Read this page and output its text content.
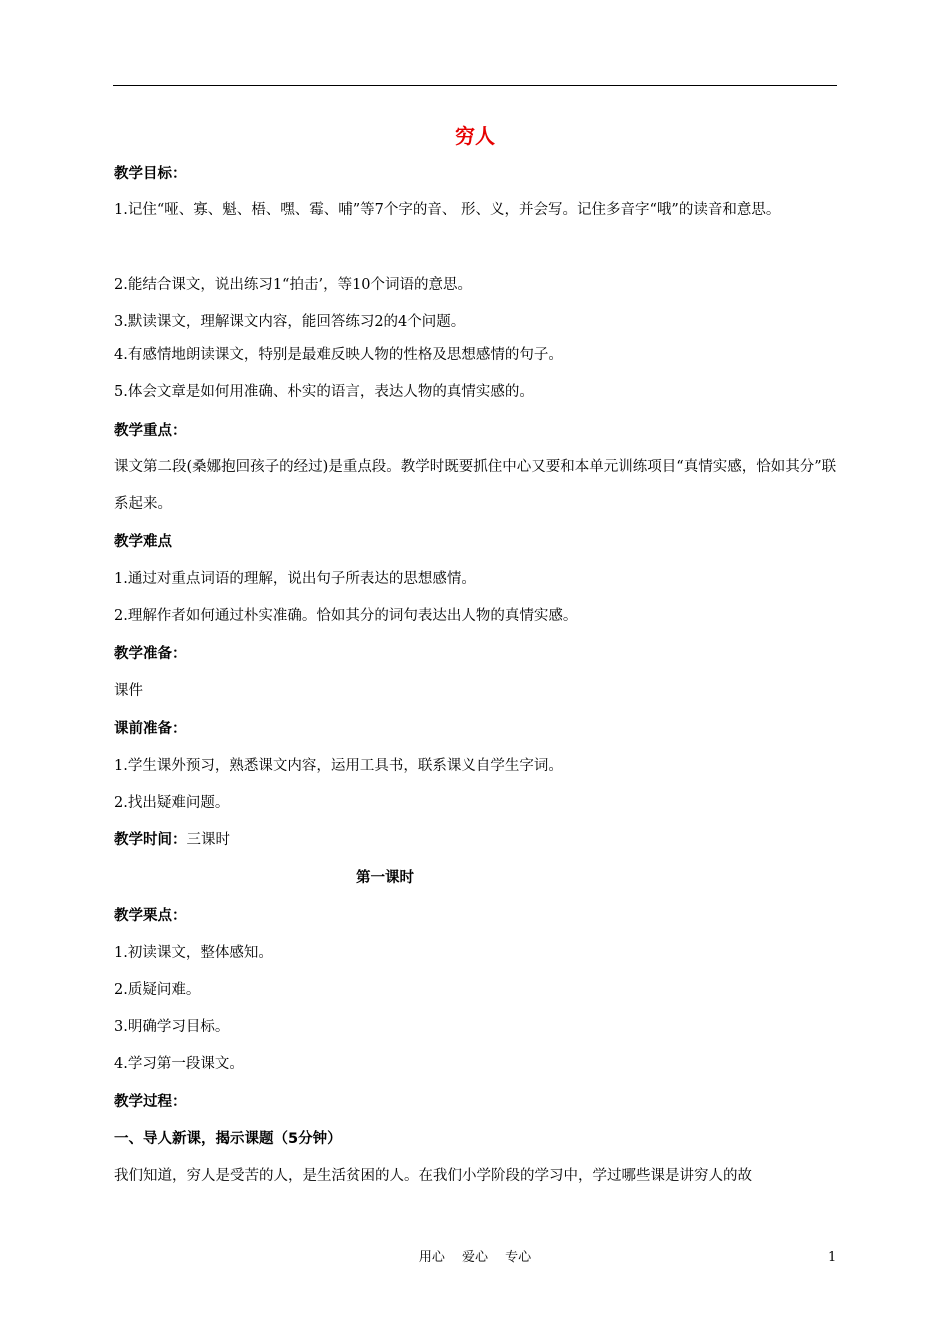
穷人
教学目标：
1.记住“哑、寡、魁、梧、嘿、霉、哺”等7个字的音、 形、义，并会写。记住多音字“哦”的读音和意思。
2.能结合课文，说出练习1“拍击’，等10个词语的意思。
3.默读课文，理解课文内容，能回答练习2的4个问题。
4.有感情地朗读课文，特别是最难反映人物的性格及思想感情的句子。
5.体会文章是如何用准确、朴实的语言，表达人物的真情实感的。
教学重点：
课文第二段(桑娜抱回孩子的经过)是重点段。教学时既要抓住中心又要和本单元训练项目“真情实感，恰如其分”联系起来。
教学难点
1.通过对重点词语的理解，说出句子所表达的思想感情。
2.理解作者如何通过朴实准确。恰如其分的词句表达出人物的真情实感。
教学准备：
课件
课前准备：
1.学生课外预习，熟悉课文内容，运用工具书，联系课义自学生字词。
2.找出疑难问题。
教学时间：三课时
第一课时
教学栗点：
1.初读课文，整体感知。
2.质疑问难。
3.明确学习目标。
4.学习第一段课文。
教学过程：
一、导人新课，揭示课题（5分钟）
我们知道，穷人是受苦的人，是生活贫困的人。在我们小学阶段的学习中，学过哪些课是讲穷人的故
用心　 爱心　 专心	1
